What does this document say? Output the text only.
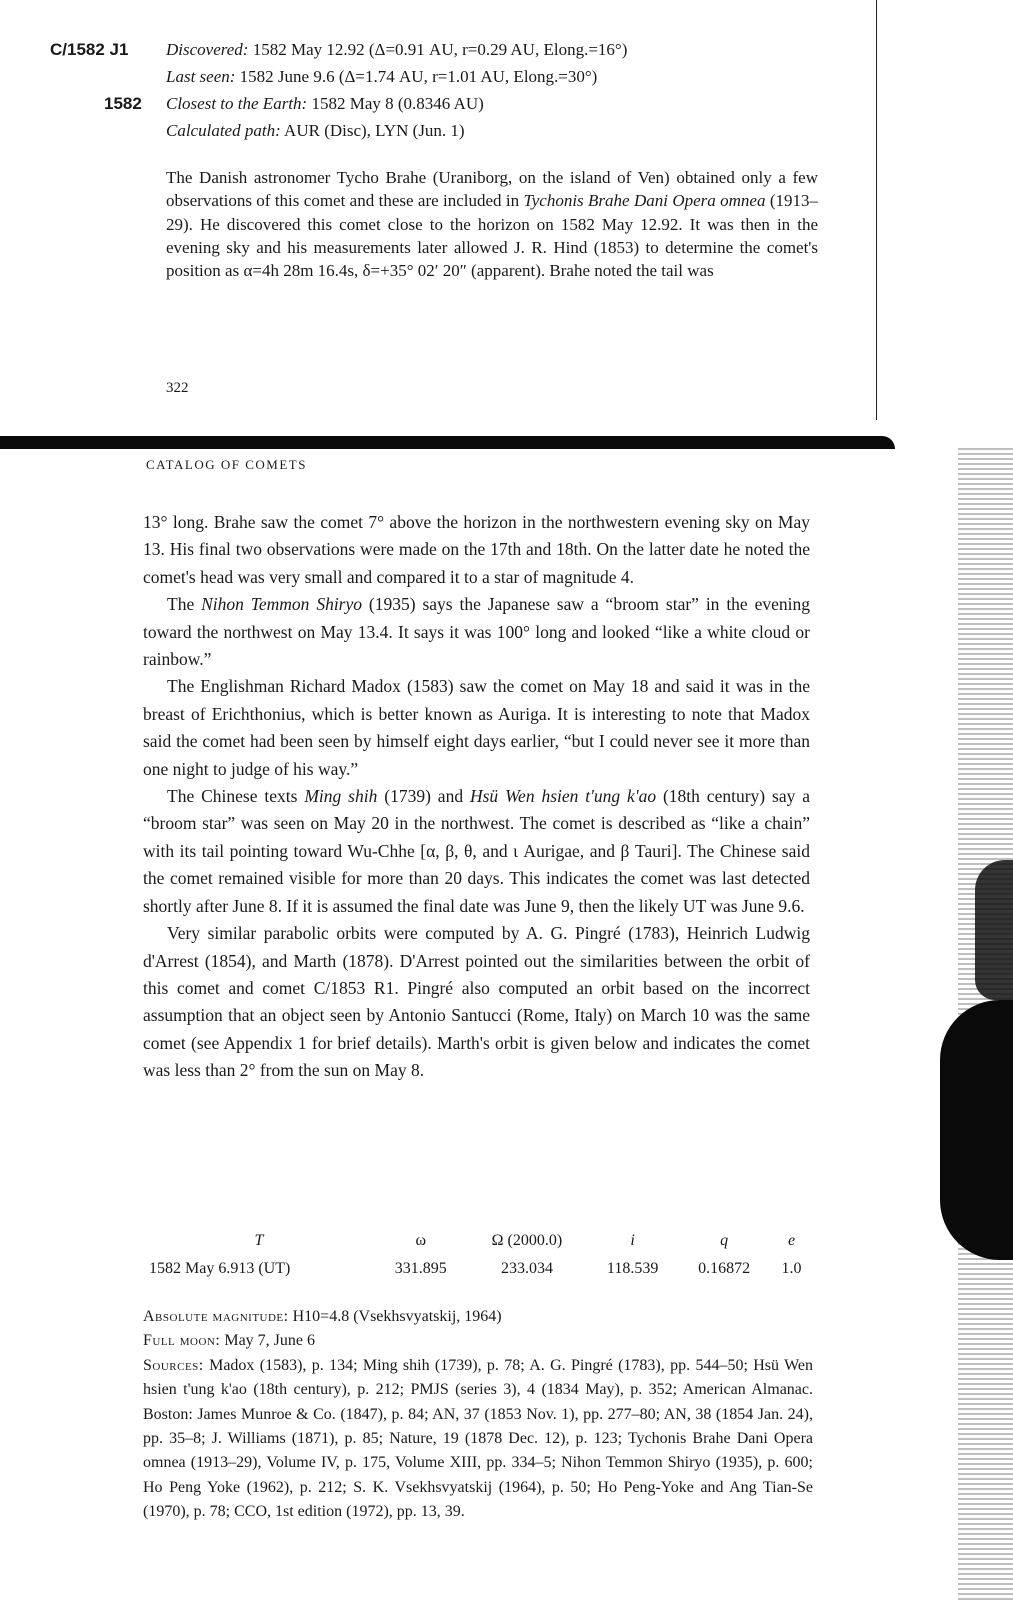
C/1582 J1
1582
Discovered: 1582 May 12.92 (Δ=0.91 AU, r=0.29 AU, Elong.=16°)
Last seen: 1582 June 9.6 (Δ=1.74 AU, r=1.01 AU, Elong.=30°)
Closest to the Earth: 1582 May 8 (0.8346 AU)
Calculated path: AUR (Disc), LYN (Jun. 1)
The Danish astronomer Tycho Brahe (Uraniborg, on the island of Ven) obtained only a few observations of this comet and these are included in Tychonis Brahe Dani Opera omnea (1913–29). He discovered this comet close to the horizon on 1582 May 12.92. It was then in the evening sky and his measurements later allowed J. R. Hind (1853) to determine the comet's position as α=4h 28m 16.4s, δ=+35° 02′ 20″ (apparent). Brahe noted the tail was
322
CATALOG OF COMETS

13° long. Brahe saw the comet 7° above the horizon in the northwestern evening sky on May 13. His final two observations were made on the 17th and 18th. On the latter date he noted the comet's head was very small and compared it to a star of magnitude 4.

The Nihon Temmon Shiryo (1935) says the Japanese saw a “broom star” in the evening toward the northwest on May 13.4. It says it was 100° long and looked “like a white cloud or rainbow.”

The Englishman Richard Madox (1583) saw the comet on May 18 and said it was in the breast of Erichthonius, which is better known as Auriga. It is interesting to note that Madox said the comet had been seen by himself eight days earlier, “but I could never see it more than one night to judge of his way.”

The Chinese texts Ming shih (1739) and Hsü Wen hsien t'ung k'ao (18th century) say a “broom star” was seen on May 20 in the northwest. The comet is described as “like a chain” with its tail pointing toward Wu-Chhe [α, β, θ, and ι Aurigae, and β Tauri]. The Chinese said the comet remained visible for more than 20 days. This indicates the comet was last detected shortly after June 8. If it is assumed the final date was June 9, then the likely UT was June 9.6.

Very similar parabolic orbits were computed by A. G. Pingré (1783), Heinrich Ludwig d'Arrest (1854), and Marth (1878). D'Arrest pointed out the similarities between the orbit of this comet and comet C/1853 R1. Pingré also computed an orbit based on the incorrect assumption that an object seen by Antonio Santucci (Rome, Italy) on March 10 was the same comet (see Appendix 1 for brief details). Marth's orbit is given below and indicates the comet was less than 2° from the sun on May 8.

T	ω	Ω (2000.0)	i	q	e
1582 May 6.913 (UT)	331.895	233.034	118.539	0.16872	1.0

Absolute magnitude: H10=4.8 (Vsekhsvyatskij, 1964)

Full moon: May 7, June 6

Sources: Madox (1583), p. 134; Ming shih (1739), p. 78; A. G. Pingré (1783), pp. 544–50; Hsü Wen hsien t'ung k'ao (18th century), p. 212; PMJS (series 3), 4 (1834 May), p. 352; American Almanac. Boston: James Munroe & Co. (1847), p. 84; AN, 37 (1853 Nov. 1), pp. 277–80; AN, 38 (1854 Jan. 24), pp. 35–8; J. Williams (1871), p. 85; Nature, 19 (1878 Dec. 12), p. 123; Tychonis Brahe Dani Opera omnea (1913–29), Volume IV, p. 175, Volume XIII, pp. 334–5; Nihon Temmon Shiryo (1935), p. 600; Ho Peng Yoke (1962), p. 212; S. K. Vsekhsvyatskij (1964), p. 50; Ho Peng-Yoke and Ang Tian-Se (1970), p. 78; CCO, 1st edition (1972), pp. 13, 39.
